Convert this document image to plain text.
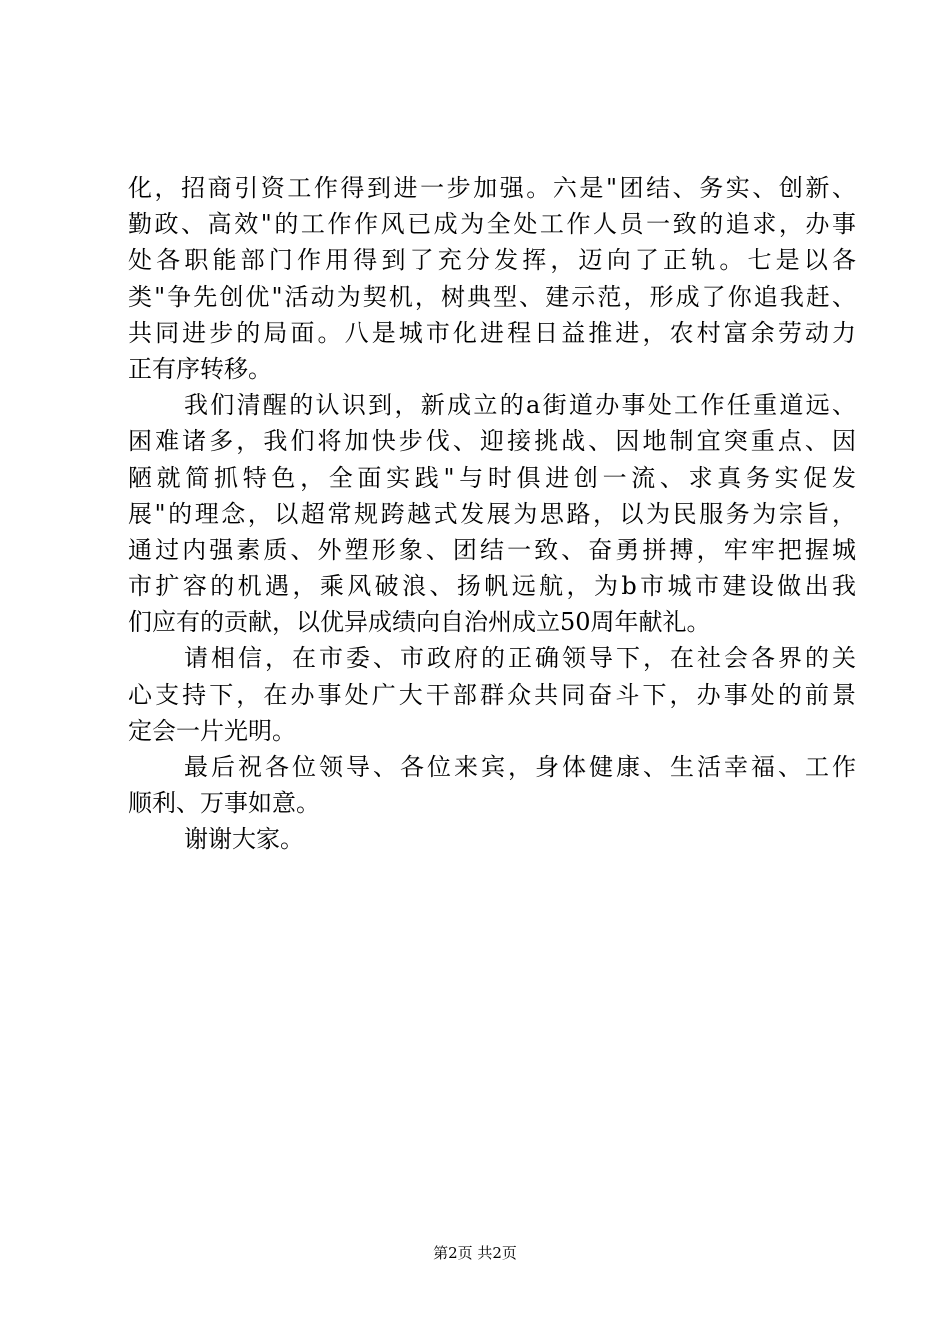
化，招商引资工作得到进一步加强。六是"团结、务实、创新、
勤政、高效"的工作作风已成为全处工作人员一致的追求，办事
处各职能部门作用得到了充分发挥，迈向了正轨。七是以各
类"争先创优"活动为契机，树典型、建示范，形成了你追我赶、
共同进步的局面。八是城市化进程日益推进，农村富余劳动力
正有序转移。
我们清醒的认识到，新成立的a街道办事处工作任重道远、
困难诸多，我们将加快步伐、迎接挑战、因地制宜突重点、因
陋就简抓特色，全面实践"与时俱进创一流、求真务实促发
展"的理念，以超常规跨越式发展为思路，以为民服务为宗旨，
通过内强素质、外塑形象、团结一致、奋勇拼搏，牢牢把握城
市扩容的机遇，乘风破浪、扬帆远航，为b市城市建设做出我
们应有的贡献，以优异成绩向自治州成立50周年献礼。
请相信，在市委、市政府的正确领导下，在社会各界的关
心支持下，在办事处广大干部群众共同奋斗下，办事处的前景
定会一片光明。
最后祝各位领导、各位来宾，身体健康、生活幸福、工作
顺利、万事如意。
谢谢大家。
第2页 共2页
